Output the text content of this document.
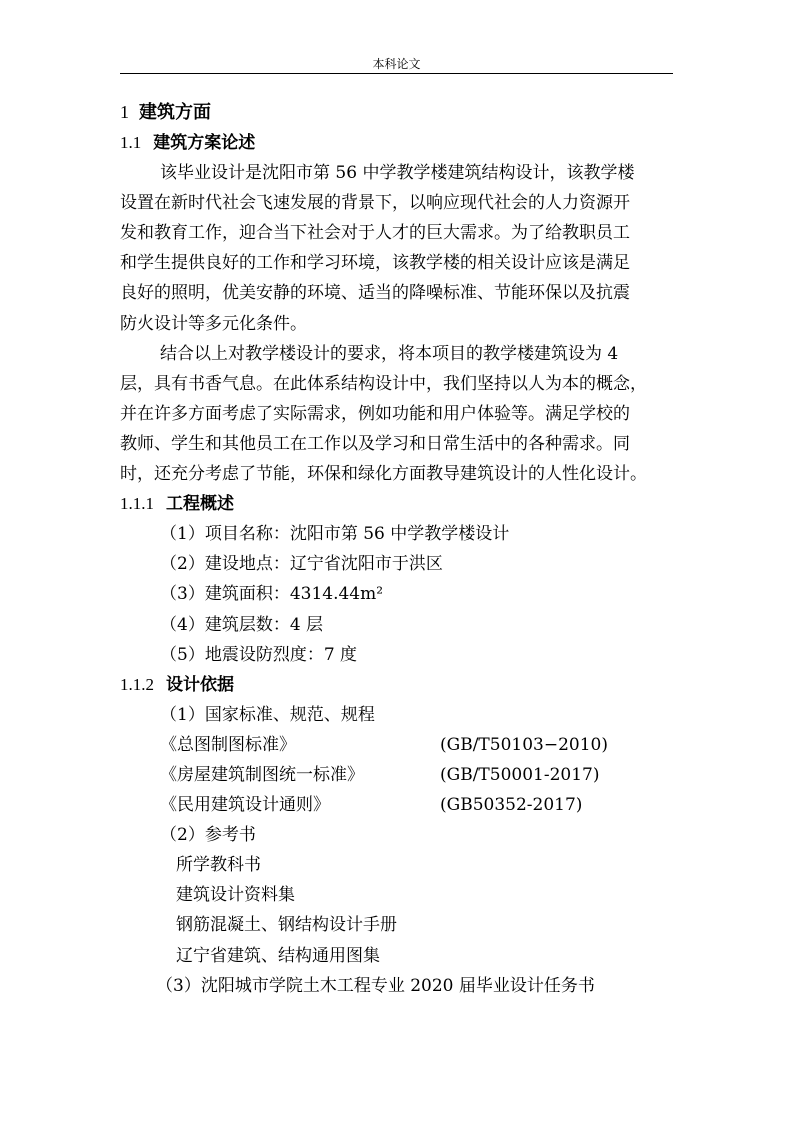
本科论文
1 建筑方面
1.1 建筑方案论述
该毕业设计是沈阳市第 56 中学教学楼建筑结构设计，该教学楼
设置在新时代社会飞速发展的背景下，以响应现代社会的人力资源开
发和教育工作，迎合当下社会对于人才的巨大需求。为了给教职员工
和学生提供良好的工作和学习环境，该教学楼的相关设计应该是满足
良好的照明，优美安静的环境、适当的降噪标准、节能环保以及抗震
防火设计等多元化条件。
结合以上对教学楼设计的要求，将本项目的教学楼建筑设为 4
层，具有书香气息。在此体系结构设计中，我们坚持以人为本的概念，
并在许多方面考虑了实际需求，例如功能和用户体验等。满足学校的
教师、学生和其他员工在工作以及学习和日常生活中的各种需求。同
时，还充分考虑了节能，环保和绿化方面教导建筑设计的人性化设计。
1.1.1 工程概述
（1）项目名称：沈阳市第 56 中学教学楼设计
（2）建设地点：辽宁省沈阳市于洪区
（3）建筑面积：4314.44m²
（4）建筑层数：4 层
（5）地震设防烈度：7 度
1.1.2 设计依据
（1）国家标准、规范、规程
《总图制图标准》	(GB/T50103−2010)
《房屋建筑制图统一标准》	(GB/T50001-2017)
《民用建筑设计通则》	(GB50352-2017)
（2）参考书
所学教科书
建筑设计资料集
钢筋混凝土、钢结构设计手册
辽宁省建筑、结构通用图集
（3）沈阳城市学院土木工程专业 2020 届毕业设计任务书
